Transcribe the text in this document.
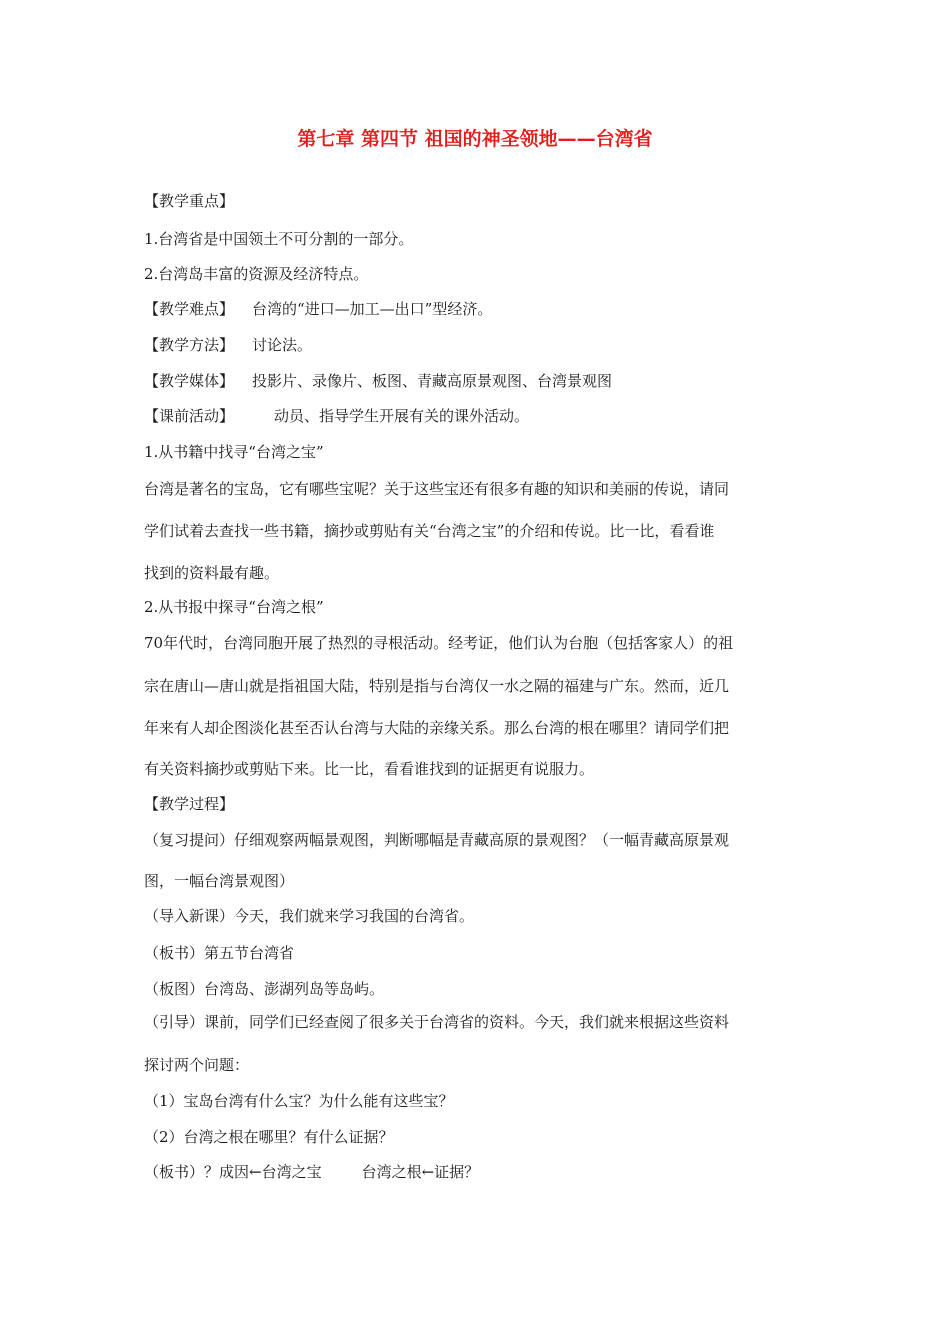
第七章 第四节 祖国的神圣领地——台湾省
【教学重点】
1.台湾省是中国领土不可分割的一部分。
2.台湾岛丰富的资源及经济特点。
【教学难点】 台湾的“进口—加工—出口”型经济。
【教学方法】 讨论法。
【教学媒体】 投影片、录像片、板图、青藏高原景观图、台湾景观图
【课前活动】	动员、指导学生开展有关的课外活动。
1.从书籍中找寻“台湾之宝”
台湾是著名的宝岛，它有哪些宝呢？关于这些宝还有很多有趣的知识和美丽的传说，请同
学们试着去查找一些书籍，摘抄或剪贴有关“台湾之宝”的介绍和传说。比一比，看看谁
找到的资料最有趣。
2.从书报中探寻“台湾之根”
70年代时，台湾同胞开展了热烈的寻根活动。经考证，他们认为台胞（包括客家人）的祖
宗在唐山—唐山就是指祖国大陆，特别是指与台湾仅一水之隔的福建与广东。然而，近几
年来有人却企图淡化甚至否认台湾与大陆的亲缘关系。那么台湾的根在哪里？请同学们把
有关资料摘抄或剪贴下来。比一比，看看谁找到的证据更有说服力。
【教学过程】
（复习提问）仔细观察两幅景观图，判断哪幅是青藏高原的景观图？（一幅青藏高原景观
图，一幅台湾景观图）
（导入新课）今天，我们就来学习我国的台湾省。
（板书）第五节台湾省
（板图）台湾岛、澎湖列岛等岛屿。
（引导）课前，同学们已经查阅了很多关于台湾省的资料。今天，我们就来根据这些资料
探讨两个问题：
（1）宝岛台湾有什么宝？为什么能有这些宝？
（2）台湾之根在哪里？有什么证据？
（板书）？成因←台湾之宝	台湾之根←证据？
